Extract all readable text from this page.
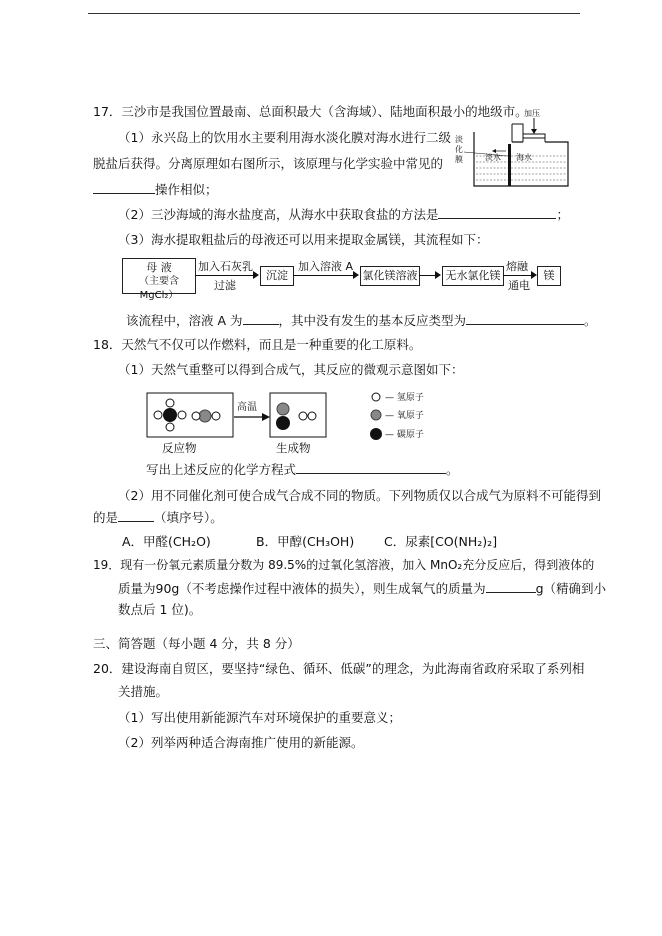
17．三沙市是我国位置最南、总面积最大（含海域）、陆地面积最小的地级市。
（1）永兴岛上的饮用水主要利用海水淡化膜对海水进行二级
脱盐后获得。分离原理如右图所示，该原理与化学实验中常见的
操作相似；
加压
淡化膜	淡水 海水
（2）三沙海域的海水盐度高，从海水中获取食盐的方法是	；
（3）海水提取粗盐后的母液还可以用来提取金属镁，其流程如下：
母 液
（主要含 MgCl₂）
加入石灰乳
过滤
沉淀
加入溶液 A
氯化镁溶液	无水氯化镁
熔融
通电
镁
该流程中，溶液 A 为	，其中没有发生的基本反应类型为	。
18．天然气不仅可以作燃料，而且是一种重要的化工原料。
（1）天然气重整可以得到合成气，其反应的微观示意图如下：
高温
— 氢原子
— 氧原子
— 碳原子
反应物	生成物
写出上述反应的化学方程式	。
（2）用不同催化剂可使合成气合成不同的物质。下列物质仅以合成气为原料不可能得到
的是	（填序号）。
A．甲醛(CH₂O)	B．甲醇(CH₃OH) C．尿素[CO(NH₂)₂]
19．现有一份氧元素质量分数为 89.5%的过氧化氢溶液，加入 MnO₂充分反应后，得到液体的
质量为90g（不考虑操作过程中液体的损失），则生成氧气的质量为	g（精确到小
数点后 1 位)。
三、简答题（每小题 4 分，共 8 分）
20．建设海南自贸区，要坚持“绿色、循环、低碳”的理念，为此海南省政府采取了系列相
关措施。
（1）写出使用新能源汽车对环境保护的重要意义；
（2）列举两种适合海南推广使用的新能源。
